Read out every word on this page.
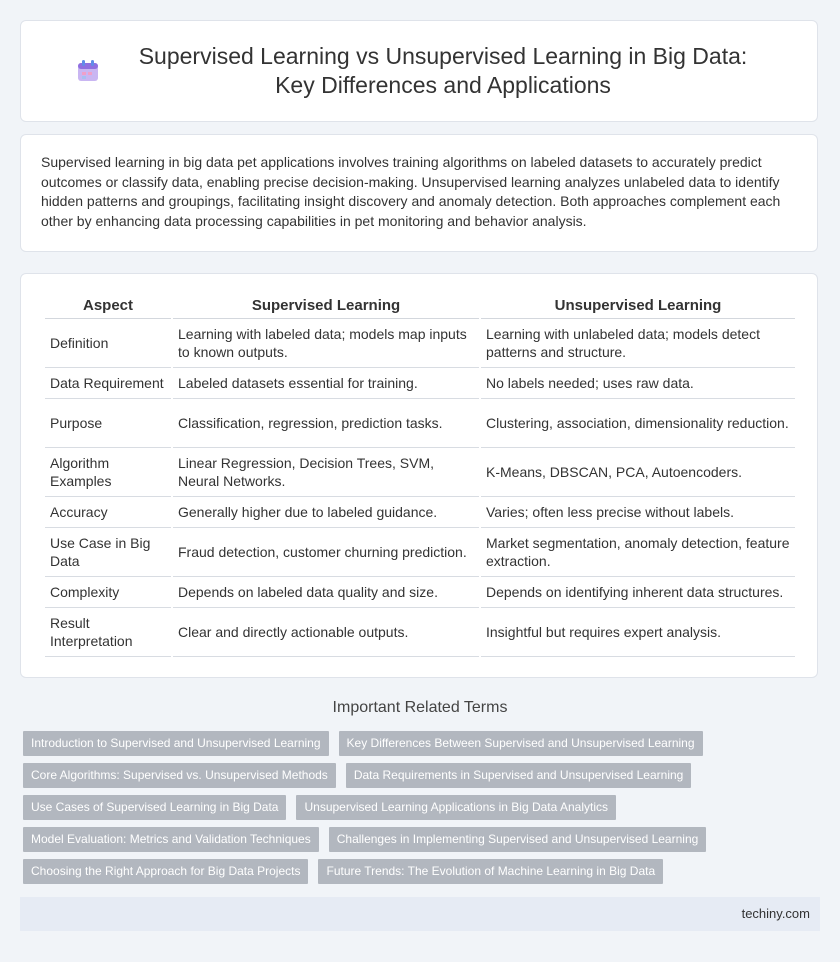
Supervised Learning vs Unsupervised Learning in Big Data: Key Differences and Applications

Supervised learning in big data pet applications involves training algorithms on labeled datasets to accurately predict outcomes or classify data, enabling precise decision-making. Unsupervised learning analyzes unlabeled data to identify hidden patterns and groupings, facilitating insight discovery and anomaly detection. Both approaches complement each other by enhancing data processing capabilities in pet monitoring and behavior analysis.

Aspect	Supervised Learning	Unsupervised Learning
Definition	Learning with labeled data; models map inputs to known outputs.	Learning with unlabeled data; models detect patterns and structure.
Data Requirement	Labeled datasets essential for training.	No labels needed; uses raw data.
Purpose	Classification, regression, prediction tasks.	Clustering, association, dimensionality reduction.
Algorithm Examples	Linear Regression, Decision Trees, SVM, Neural Networks.	K-Means, DBSCAN, PCA, Autoencoders.
Accuracy	Generally higher due to labeled guidance.	Varies; often less precise without labels.
Use Case in Big Data	Fraud detection, customer churning prediction.	Market segmentation, anomaly detection, feature extraction.
Complexity	Depends on labeled data quality and size.	Depends on identifying inherent data structures.
Result Interpretation	Clear and directly actionable outputs.	Insightful but requires expert analysis.
Important Related Terms
Introduction to Supervised and Unsupervised Learning Key Differences Between Supervised and Unsupervised Learning
Core Algorithms: Supervised vs. Unsupervised Methods Data Requirements in Supervised and Unsupervised Learning
Use Cases of Supervised Learning in Big Data Unsupervised Learning Applications in Big Data Analytics
Model Evaluation: Metrics and Validation Techniques Challenges in Implementing Supervised and Unsupervised Learning
Choosing the Right Approach for Big Data Projects Future Trends: The Evolution of Machine Learning in Big Data
techiny.com
